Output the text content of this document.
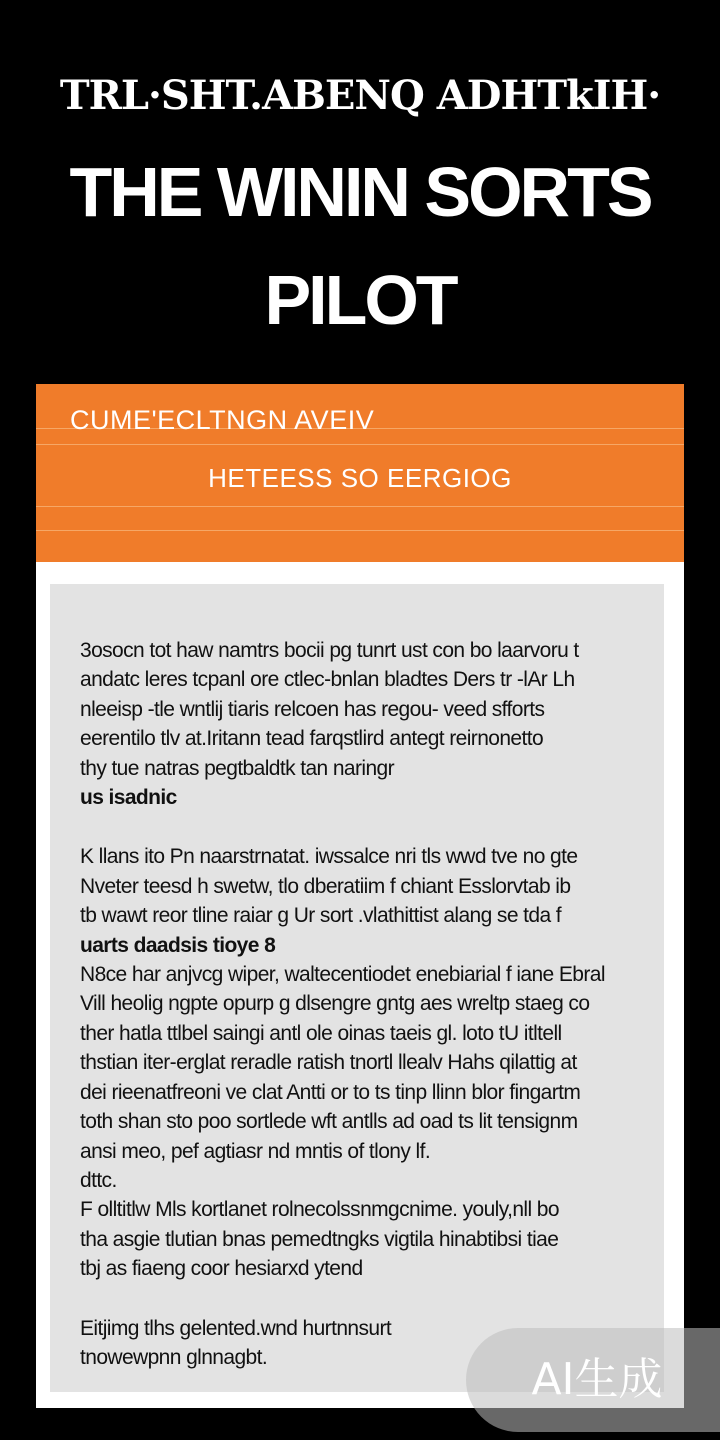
TRL·SHT.ABENQ ADHTkIH·
THE WININ SORTS
PILOT
CUME'ECLTNGN AVEIV
HETEESS SO EERGIOG

3osocn tot haw namtrs bocii pg tunrt ust con bo laarvoru t
andatc leres tcpanl ore ctlec-bnlan bladtes Ders tr -lAr Lh
nleeisp -tle wntlij tiaris relcoen has regou- veed sfforts
eerentilo tlv at.Iritann tead farqstlird antegt reirnonetto
thy tue natras pegtbaldtk tan naringr
us isadnic

K llans ito Pn naarstrnatat. iwssalce nri tls wwd tve no gte
Nveter teesd h swetw, tlo dberatiim f chiant Esslorvtab ib
tb wawt reor tline raiar g Ur sort .vlathittist alang se tda f
uarts daadsis tioye 8
N8ce har anjvcg wiper, waltecentiodet enebiarial f iane Ebral
Vill heolig ngpte opurp g dlsengre gntg aes wreltp staeg co
ther hatla ttlbel saingi antl ole oinas taeis gl. loto tU itltell
thstian iter-erglat reradle ratish tnortl llealv Hahs qilattig at
dei rieenatfreoni ve clat Antti or to ts tinp llinn blor fingartm
toth shan sto poo sortlede wft antlls ad oad ts lit tensignm
ansi meo, pef agtiasr nd mntis of tlony lf.
dttc.
F olltitlw Mls kortlanet rolnecolssnmgcnime. youly,nll bo
tha asgie tlutian bnas pemedtngks vigtila hinabtibsi tiae
tbj as fiaeng coor hesiarxd ytend

Eitjimg tlhs gelented.wnd hurtnnsurt
tnowewpnn glnnagbt.	AI生成
